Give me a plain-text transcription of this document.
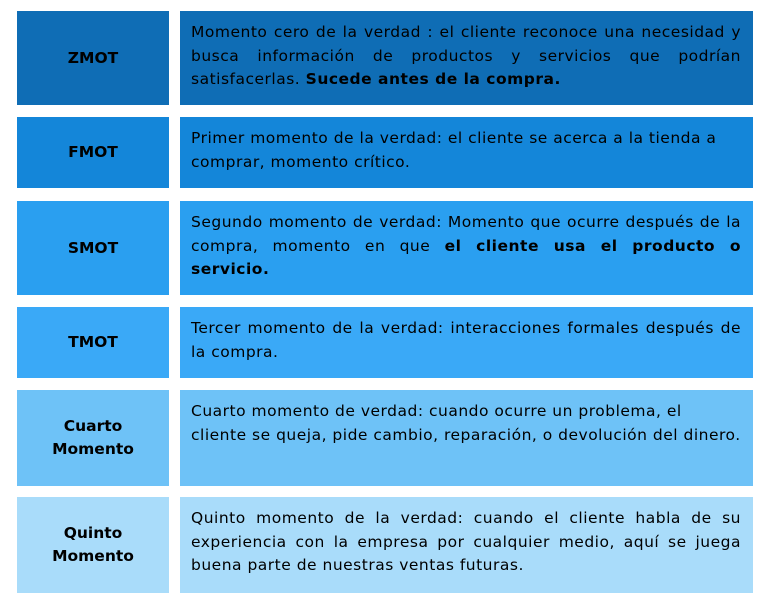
ZMOT
Momento cero de la verdad : el cliente reconoce una necesidad y busca información de productos y servicios que podrían satisfacerlas. Sucede antes de la compra.
FMOT
Primer momento de la verdad: el cliente se acerca a la tienda a comprar, momento crítico.
SMOT
Segundo momento de verdad: Momento que ocurre después de la compra, momento en que el cliente usa el producto o servicio.
TMOT
Tercer momento de la verdad: interacciones formales después de la compra.
Cuarto
Momento
Cuarto momento de verdad: cuando ocurre un problema, el cliente se queja, pide cambio, reparación, o devolución del dinero.
Quinto
Momento
Quinto momento de la verdad: cuando el cliente habla de su experiencia con la empresa por cualquier medio, aquí se juega buena parte de nuestras ventas futuras.
